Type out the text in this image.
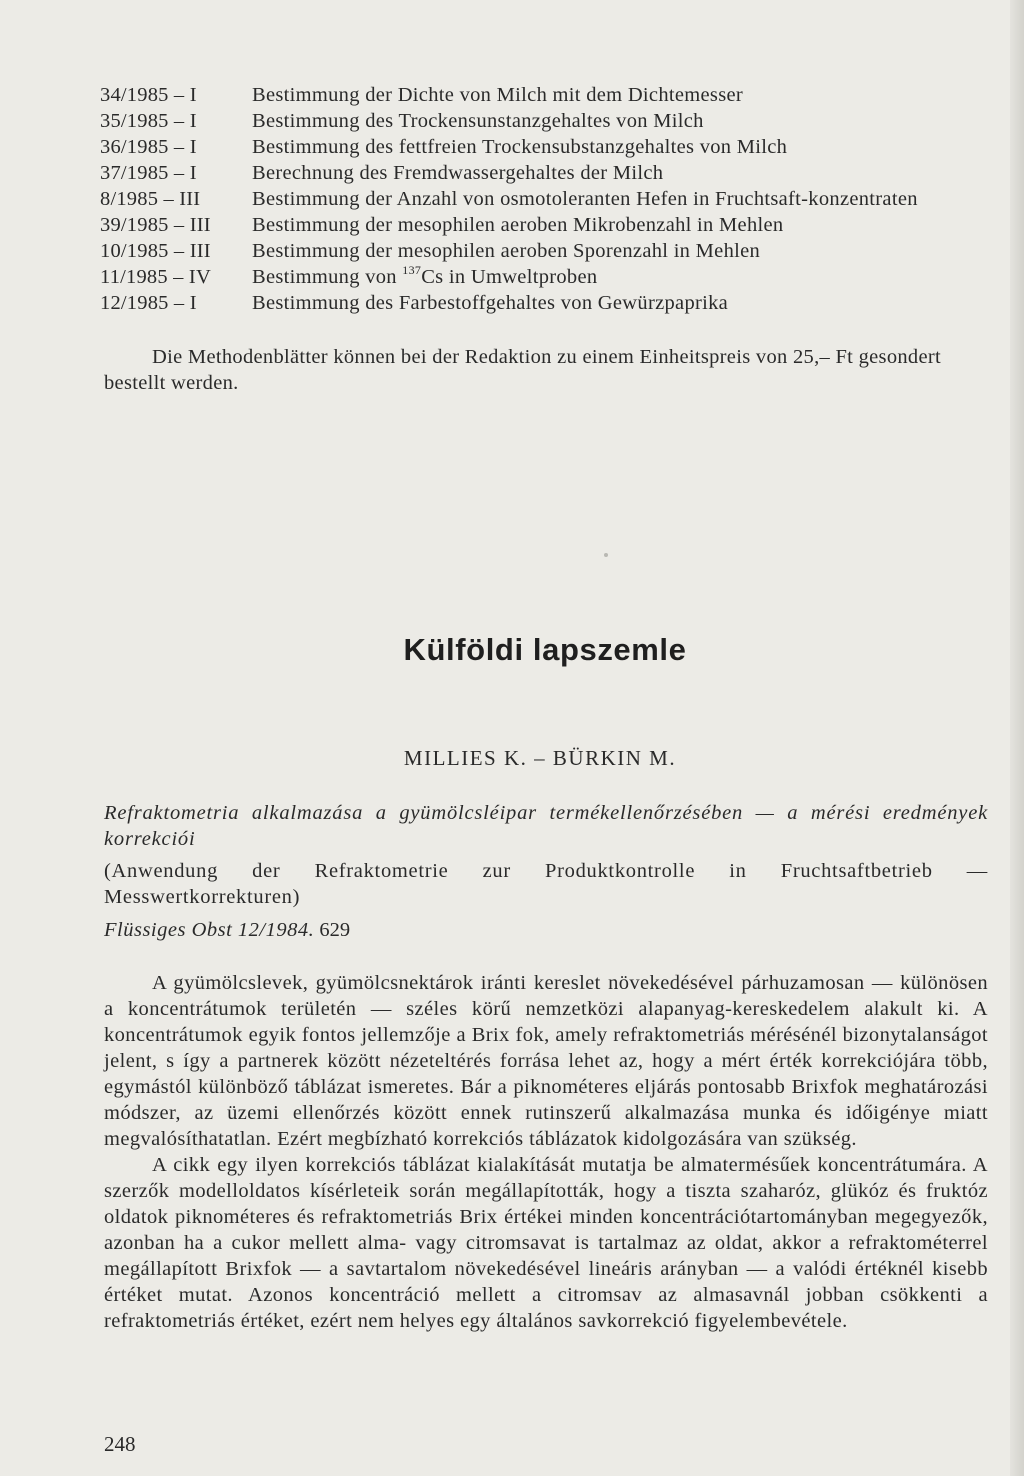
34/1985 – I	Bestimmung der Dichte von Milch mit dem Dichtemesser
35/1985 – I	Bestimmung des Trockensunstanzgehaltes von Milch
36/1985 – I	Bestimmung des fettfreien Trockensubstanzgehaltes von Milch
37/1985 – I	Berechnung des Fremdwassergehaltes der Milch
8/1985 – III	Bestimmung der Anzahl von osmotoleranten Hefen in Fruchtsaft-konzentraten
39/1985 – III	Bestimmung der mesophilen aeroben Mikrobenzahl in Mehlen
10/1985 – III	Bestimmung der mesophilen aeroben Sporenzahl in Mehlen
11/1985 – IV	Bestimmung von $^{137}$Cs in Umweltproben
12/1985 – I	Bestimmung des Farbestoffgehaltes von Gewürzpaprika
Die Methodenblätter können bei der Redaktion zu einem Einheitspreis von 25,– Ft gesondert bestellt werden.
Külföldi lapszemle
MILLIES K. – BÜRKIN M.
Refraktometria alkalmazása a gyümölcsléipar termékellenőrzésében — a mérési eredmények korrekciói
(Anwendung der Refraktometrie zur Produktkontrolle in Fruchtsaftbetrieb — Messwertkorrekturen)
Flüssiges Obst 12/1984. 629

A gyümölcslevek, gyümölcsnektárok iránti kereslet növekedésével párhuzamosan — különösen a koncentrátumok területén — széles körű nemzetközi alapanyag-kereskedelem alakult ki. A koncentrátumok egyik fontos jellemzője a Brix fok, amely refraktometriás mérésénél bizonytalanságot jelent, s így a partnerek között nézeteltérés forrása lehet az, hogy a mért érték korrekciójára több, egymástól különböző táblázat ismeretes. Bár a piknométeres eljárás pontosabb Brixfok meghatározási módszer, az üzemi ellenőrzés között ennek rutinszerű alkalmazása munka és időigénye miatt megvalósíthatatlan. Ezért megbízható korrekciós táblázatok kidolgozására van szükség.

A cikk egy ilyen korrekciós táblázat kialakítását mutatja be almatermésűek koncentrátumára. A szerzők modelloldatos kísérleteik során megállapították, hogy a tiszta szaharóz, glükóz és fruktóz oldatok piknométeres és refraktometriás Brix értékei minden koncentrációtartományban megegyezők, azonban ha a cukor mellett alma- vagy citromsavat is tartalmaz az oldat, akkor a refraktométerrel megállapított Brixfok — a savtartalom növekedésével lineáris arányban — a valódi értéknél kisebb értéket mutat. Azonos koncentráció mellett a citromsav az almasavnál jobban csökkenti a refraktometriás értéket, ezért nem helyes egy általános savkorrekció figyelembevétele.

248
